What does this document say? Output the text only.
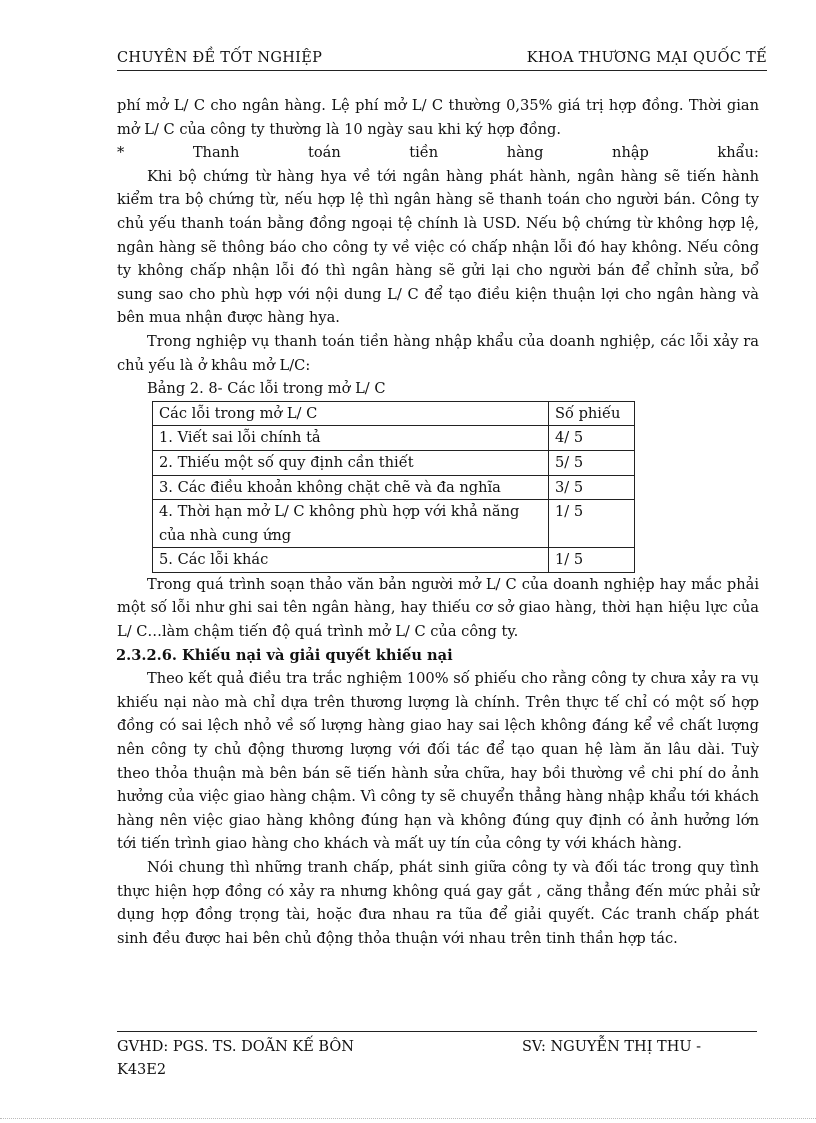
CHUYÊN ĐỀ TỐT NGHIỆP	KHOA THƯƠNG MẠI QUỐC TẾ

phí mở L/ C cho ngân hàng. Lệ phí mở L/ C thường 0,35% giá trị hợp đồng. Thời gian mở L/ C của công ty thường là 10 ngày sau khi ký hợp đồng.

*	Thanh	toán	tiền	hàng	nhập	khẩu:

Khi bộ chứng từ hàng hya về tới ngân hàng phát hành, ngân hàng sẽ tiến hành kiểm tra bộ chứng từ, nếu hợp lệ thì ngân hàng sẽ thanh toán cho người bán. Công ty chủ yếu thanh toán bằng đồng ngoại tệ chính là USD. Nếu bộ chứng từ không hợp lệ, ngân hàng sẽ thông báo cho công ty về việc có chấp nhận lỗi đó hay không. Nếu công ty không chấp nhận lỗi đó thì ngân hàng sẽ gửi lại cho người bán để chỉnh sửa, bổ sung sao cho phù hợp với nội dung L/ C để tạo điều kiện thuận lợi cho ngân hàng và bên mua nhận được hàng hya.

Trong nghiệp vụ thanh toán tiền hàng nhập khẩu của doanh nghiệp, các lỗi xảy ra chủ yếu là ở khâu mở L/C:

Bảng 2. 8- Các lỗi trong mở L/ C

Các lỗi trong mở L/ C	Số phiếu
1. Viết sai lỗi chính tả	4/ 5
2. Thiếu một số quy định cần thiết	5/ 5
3. Các điều khoản không chặt chẽ và đa nghĩa	3/ 5
4. Thời hạn mở L/ C không phù hợp với khả năng của nhà cung ứng	1/ 5
5. Các lỗi khác	1/ 5

Trong quá trình soạn thảo văn bản người mở L/ C của doanh nghiệp hay mắc phải một số lỗi như ghi sai tên ngân hàng, hay thiếu cơ sở giao hàng, thời hạn hiệu lực của L/ C…làm chậm tiến độ quá trình mở L/ C của công ty.

2.3.2.6. Khiếu nại và giải quyết khiếu nại

Theo kết quả điều tra trắc nghiệm 100% số phiếu cho rằng công ty chưa xảy ra vụ khiếu nại nào mà chỉ dựa trên thương lượng là chính. Trên thực tế chỉ có một số hợp đồng có sai lệch nhỏ về số lượng hàng giao hay sai lệch không đáng kể về chất lượng nên công ty chủ động thương lượng với đối tác để tạo quan hệ làm ăn lâu dài. Tuỳ theo thỏa thuận mà bên bán sẽ tiến hành sửa chữa, hay bồi thường về chi phí do ảnh hưởng của việc giao hàng chậm. Vì công ty sẽ chuyển thẳng hàng nhập khẩu tới khách hàng nên việc giao hàng không đúng hạn và không đúng quy định có ảnh hưởng lớn tới tiến trình giao hàng cho khách và mất uy tín của công ty với khách hàng.

Nói chung thì những tranh chấp, phát sinh giữa công ty và đối tác trong quy tình thực hiện hợp đồng có xảy ra nhưng không quá gay gắt , căng thẳng đến mức phải sử dụng hợp đồng trọng tài, hoặc đưa nhau ra tũa để giải quyết. Các tranh chấp phát sinh đều được hai bên chủ động thỏa thuận với nhau trên tinh thần hợp tác.

GVHD: PGS. TS. DOÃN KẾ BÔN	SV: NGUYỄN THỊ THU -
K43E2
